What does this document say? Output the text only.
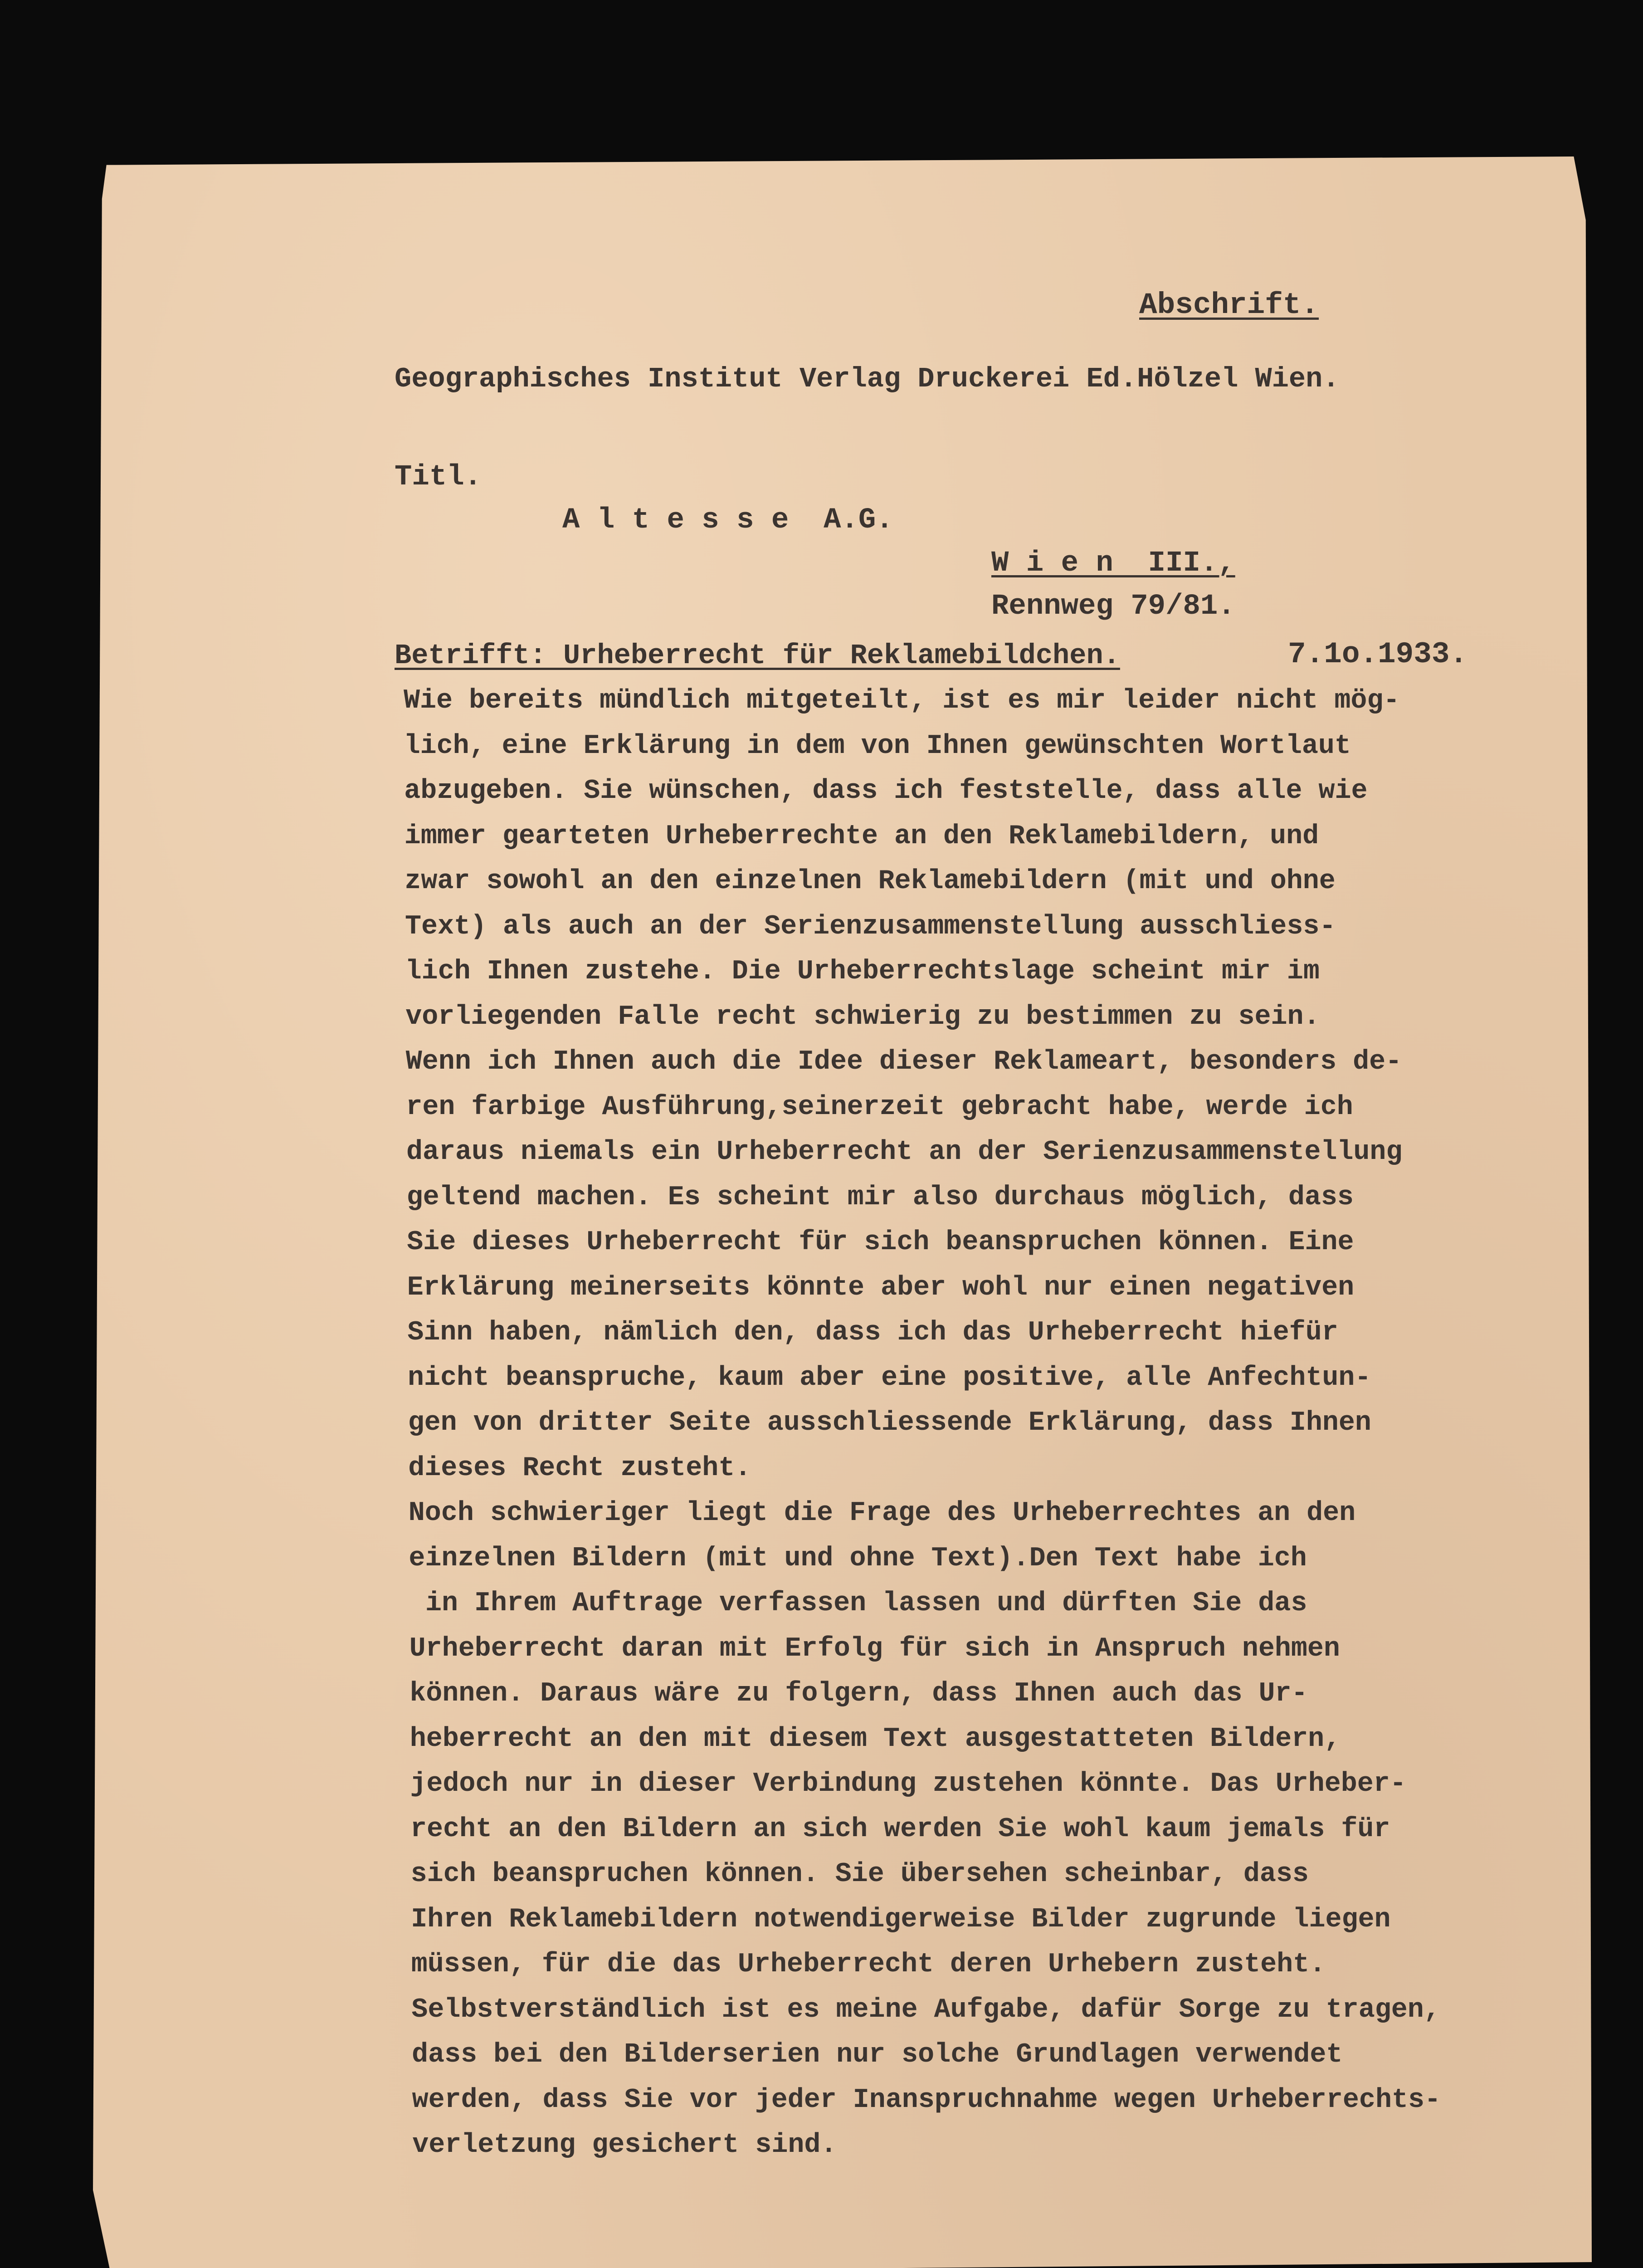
Abschrift.
Geographisches Institut Verlag Druckerei Ed.Hölzel Wien.
Titl.
A l t e s s e  A.G.
W i e n  III.,
Rennweg 79/81.
Betrifft: Urheberrecht für Reklamebildchen.	7.1o.1933.
Wie bereits mündlich mitgeteilt, ist es mir leider nicht mög-
lich, eine Erklärung in dem von Ihnen gewünschten Wortlaut
abzugeben. Sie wünschen, dass ich feststelle, dass alle wie
immer gearteten Urheberrechte an den Reklamebildern, und
zwar sowohl an den einzelnen Reklamebildern (mit und ohne
Text) als auch an der Serienzusammenstellung ausschliess-
lich Ihnen zustehe. Die Urheberrechtslage scheint mir im
vorliegenden Falle recht schwierig zu bestimmen zu sein.
Wenn ich Ihnen auch die Idee dieser Reklameart, besonders de-
ren farbige Ausführung,seinerzeit gebracht habe, werde ich
daraus niemals ein Urheberrecht an der Serienzusammenstellung
geltend machen. Es scheint mir also durchaus möglich, dass
Sie dieses Urheberrecht für sich beanspruchen können. Eine
Erklärung meinerseits könnte aber wohl nur einen negativen
Sinn haben, nämlich den, dass ich das Urheberrecht hiefür
nicht beanspruche, kaum aber eine positive, alle Anfechtun-
gen von dritter Seite ausschliessende Erklärung, dass Ihnen
dieses Recht zusteht.
Noch schwieriger liegt die Frage des Urheberrechtes an den
einzelnen Bildern (mit und ohne Text).Den Text habe ich
in Ihrem Auftrage verfassen lassen und dürften Sie das
Urheberrecht daran mit Erfolg für sich in Anspruch nehmen
können. Daraus wäre zu folgern, dass Ihnen auch das Ur-
heberrecht an den mit diesem Text ausgestatteten Bildern,
jedoch nur in dieser Verbindung zustehen könnte. Das Urheber-
recht an den Bildern an sich werden Sie wohl kaum jemals für
sich beanspruchen können. Sie übersehen scheinbar, dass
Ihren Reklamebildern notwendigerweise Bilder zugrunde liegen
müssen, für die das Urheberrecht deren Urhebern zusteht.
Selbstverständlich ist es meine Aufgabe, dafür Sorge zu tragen,
dass bei den Bilderserien nur solche Grundlagen verwendet
werden, dass Sie vor jeder Inanspruchnahme wegen Urheberrechts-
verletzung gesichert sind.
